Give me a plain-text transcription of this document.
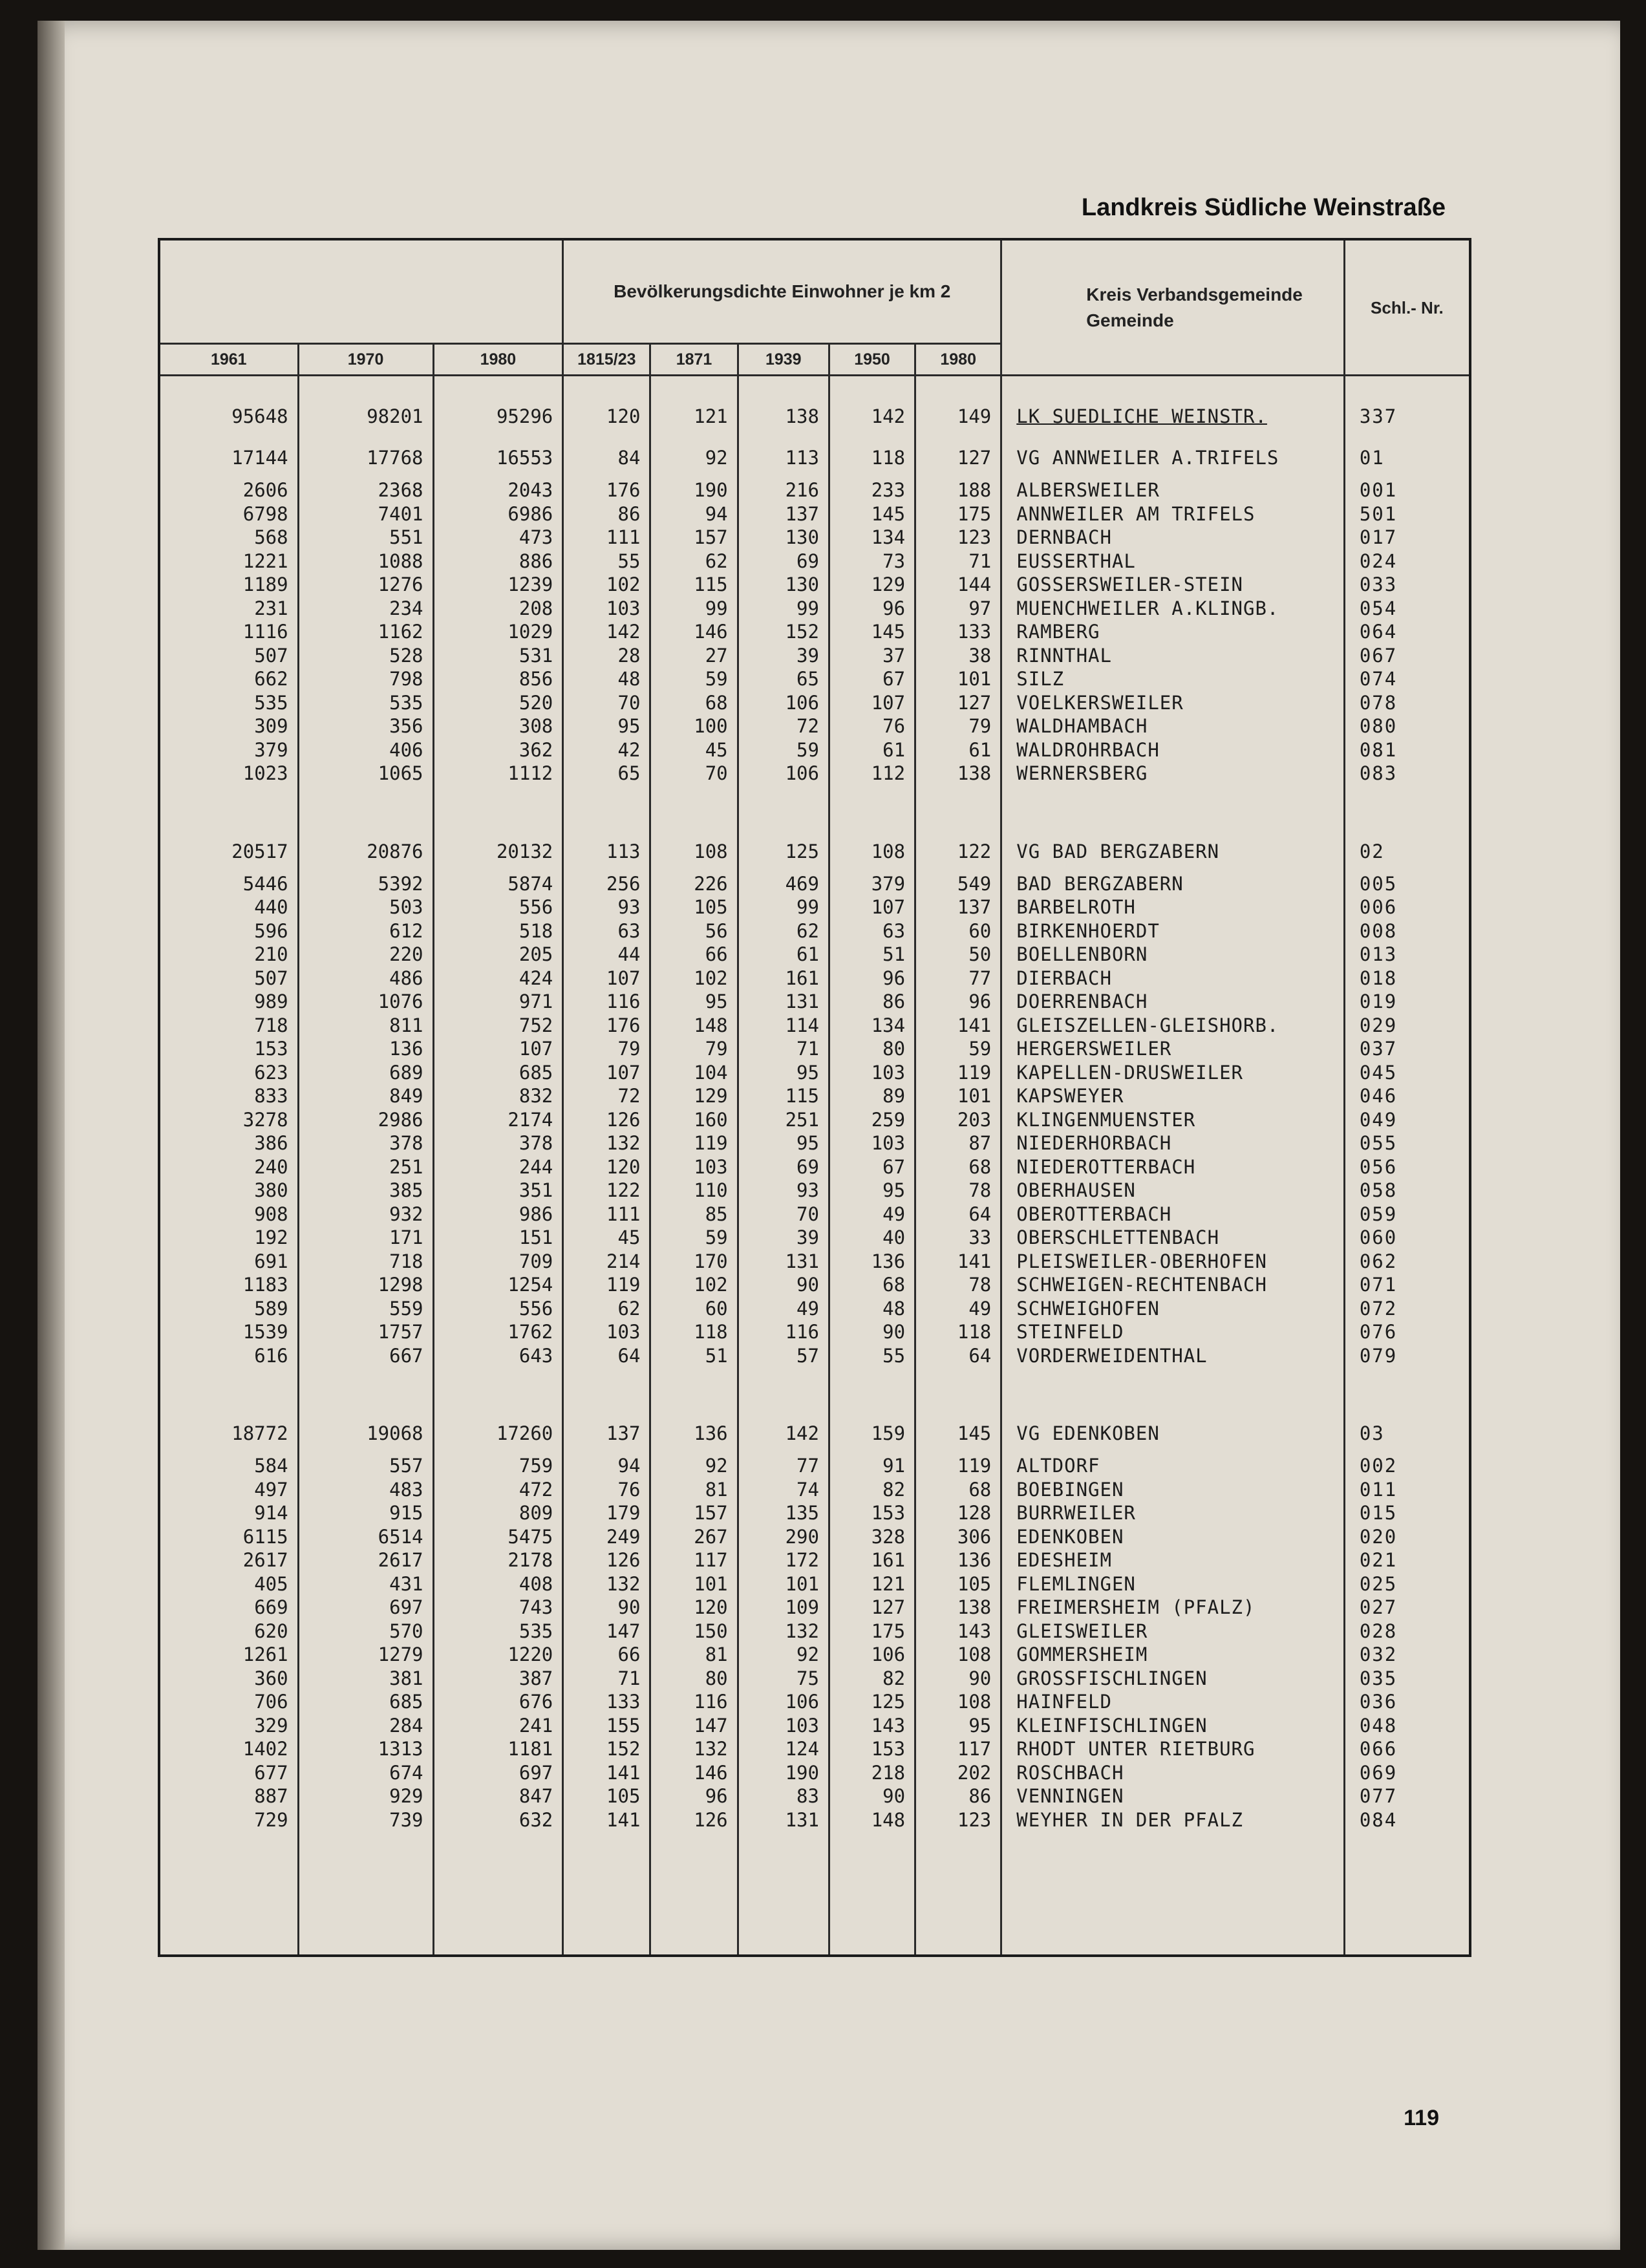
Landkreis Südliche Weinstraße
			Bevölkerungsdichte Einwohner je km 2					Kreis Verbandsgemeinde Gemeinde	Schl.- Nr.
1961	1970	1980	1815/23	1871	1939	1950	1980		
95648	98201	95296	120	121	138	142	149	LK SUEDLICHE WEINSTR.	337
17144	17768	16553	84	92	113	118	127	VG ANNWEILER A.TRIFELS	01
2606	2368	2043	176	190	216	233	188	ALBERSWEILER	001
6798	7401	6986	86	94	137	145	175	ANNWEILER AM TRIFELS	501
568	551	473	111	157	130	134	123	DERNBACH	017
1221	1088	886	55	62	69	73	71	EUSSERTHAL	024
1189	1276	1239	102	115	130	129	144	GOSSERSWEILER-STEIN	033
231	234	208	103	99	99	96	97	MUENCHWEILER A.KLINGB.	054
1116	1162	1029	142	146	152	145	133	RAMBERG	064
507	528	531	28	27	39	37	38	RINNTHAL	067
662	798	856	48	59	65	67	101	SILZ	074
535	535	520	70	68	106	107	127	VOELKERSWEILER	078
309	356	308	95	100	72	76	79	WALDHAMBACH	080
379	406	362	42	45	59	61	61	WALDROHRBACH	081
1023	1065	1112	65	70	106	112	138	WERNERSBERG	083

20517	20876	20132	113	108	125	108	122	VG BAD BERGZABERN	02
5446	5392	5874	256	226	469	379	549	BAD BERGZABERN	005
440	503	556	93	105	99	107	137	BARBELROTH	006
596	612	518	63	56	62	63	60	BIRKENHOERDT	008
210	220	205	44	66	61	51	50	BOELLENBORN	013
507	486	424	107	102	161	96	77	DIERBACH	018
989	1076	971	116	95	131	86	96	DOERRENBACH	019
718	811	752	176	148	114	134	141	GLEISZELLEN-GLEISHORB.	029
153	136	107	79	79	71	80	59	HERGERSWEILER	037
623	689	685	107	104	95	103	119	KAPELLEN-DRUSWEILER	045
833	849	832	72	129	115	89	101	KAPSWEYER	046
3278	2986	2174	126	160	251	259	203	KLINGENMUENSTER	049
386	378	378	132	119	95	103	87	NIEDERHORBACH	055
240	251	244	120	103	69	67	68	NIEDEROTTERBACH	056
380	385	351	122	110	93	95	78	OBERHAUSEN	058
908	932	986	111	85	70	49	64	OBEROTTERBACH	059
192	171	151	45	59	39	40	33	OBERSCHLETTENBACH	060
691	718	709	214	170	131	136	141	PLEISWEILER-OBERHOFEN	062
1183	1298	1254	119	102	90	68	78	SCHWEIGEN-RECHTENBACH	071
589	559	556	62	60	49	48	49	SCHWEIGHOFEN	072
1539	1757	1762	103	118	116	90	118	STEINFELD	076
616	667	643	64	51	57	55	64	VORDERWEIDENTHAL	079

18772	19068	17260	137	136	142	159	145	VG EDENKOBEN	03
584	557	759	94	92	77	91	119	ALTDORF	002
497	483	472	76	81	74	82	68	BOEBINGEN	011
914	915	809	179	157	135	153	128	BURRWEILER	015
6115	6514	5475	249	267	290	328	306	EDENKOBEN	020
2617	2617	2178	126	117	172	161	136	EDESHEIM	021
405	431	408	132	101	101	121	105	FLEMLINGEN	025
669	697	743	90	120	109	127	138	FREIMERSHEIM (PFALZ)	027
620	570	535	147	150	132	175	143	GLEISWEILER	028
1261	1279	1220	66	81	92	106	108	GOMMERSHEIM	032
360	381	387	71	80	75	82	90	GROSSFISCHLINGEN	035
706	685	676	133	116	106	125	108	HAINFELD	036
329	284	241	155	147	103	143	95	KLEINFISCHLINGEN	048
1402	1313	1181	152	132	124	153	117	RHODT UNTER RIETBURG	066
677	674	697	141	146	190	218	202	ROSCHBACH	069
887	929	847	105	96	83	90	86	VENNINGEN	077
729	739	632	141	126	131	148	123	WEYHER IN DER PFALZ	084

119
